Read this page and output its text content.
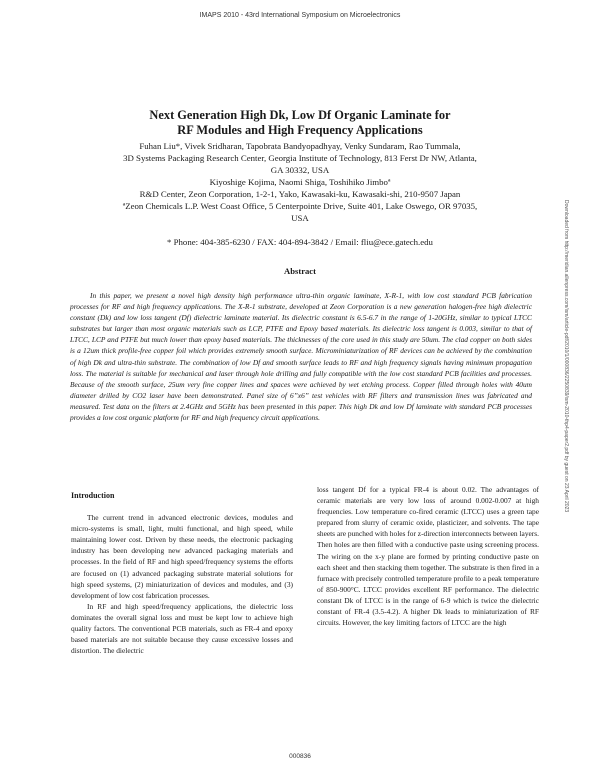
IMAPS 2010 - 43rd International Symposium on Microelectronics
Next Generation High Dk, Low Df Organic Laminate for
RF Modules and High Frequency Applications
Fuhan Liu*, Vivek Sridharan, Tapobrata Bandyopadhyay, Venky Sundaram, Rao Tummala,
3D Systems Packaging Research Center, Georgia Institute of Technology, 813 Ferst Dr NW, Atlanta,
GA 30332, USA
Kiyoshige Kojima, Naomi Shiga, Toshihiko Jimboª
R&D Center, Zeon Corporation, 1-2-1, Yako, Kawasaki-ku, Kawasaki-shi, 210-9507 Japan
ªZeon Chemicals L.P. West Coast Office, 5 Centerpointe Drive, Suite 401, Lake Oswego, OR 97035,
USA
* Phone: 404-385-6230 / FAX: 404-894-3842 / Email: fliu@ece.gatech.edu
Abstract

In this paper, we present a novel high density high performance ultra-thin organic laminate, X-R-1, with low cost standard PCB fabrication processes for RF and high frequency applications. The X-R-1 substrate, developed at Zeon Corporation is a new generation halogen-free high dielectric constant (Dk) and low loss tangent (Df) dielectric laminate material. Its dielectric constant is 6.5-6.7 in the range of 1-20GHz, similar to typical LTCC substrates but larger than most organic materials such as LCP, PTFE and Epoxy based materials. Its dielectric loss tangent is 0.003, similar to that of LTCC, LCP and PTFE but much lower than epoxy based materials. The thicknesses of the core used in this study are 50um. The clad copper on both sides is a 12um thick profile-free copper foil which provides extremely smooth surface. Microminiaturization of RF devices can be achieved by the combination of high Dk and ultra-thin substrate. The combination of low Df and smooth surface leads to RF and high frequency signals having minimum propagation loss. The material is suitable for mechanical and laser through hole drilling and fully compatible with the low cost standard PCB facilities and processes. Because of the smooth surface, 25um very fine copper lines and spaces were achieved by wet etching process. Copper filled through holes with 40um diameter drilled by CO2 laser have been demonstrated. Panel size of 6”x6” test vehicles with RF filters and transmission lines was fabricated and measured. Test data on the filters at 2.4GHz and 5GHz has been presented in this paper. This high Dk and low Df laminate with standard PCB processes provides a low cost organic platform for RF and high frequency circuit applications.

Introduction

The current trend in advanced electronic devices, modules and micro-systems is small, light, multi functional, and high speed, while maintaining lower cost. Driven by these needs, the electronic packaging industry has been developing new advanced packaging materials and processes. In the field of RF and high speed/frequency systems the efforts are focused on (1) advanced packaging substrate material solutions for high speed systems, (2) miniaturization of devices and modules, and (3) development of low cost fabrication processes.

In RF and high speed/frequency applications, the dielectric loss dominates the overall signal loss and must be kept low to achieve high quality factors. The conventional PCB materials, such as FR-4 and epoxy based materials are not suitable because they cause excessive losses and distortion. The dielectric

loss tangent Df for a typical FR-4 is about 0.02. The advantages of ceramic materials are very low loss of around 0.002-0.007 at high frequencies. Low temperature co-fired ceramic (LTCC) uses a green tape prepared from slurry of ceramic oxide, plasticizer, and solvents. The tape sheets are punched with holes for z-direction interconnects between layers. Then holes are then filled with a conductive paste using screening process. The wiring on the x-y plane are formed by printing conductive paste on each sheet and then stacking them together. The substrate is then fired in a furnace with precisely controlled temperature profile to a peak temperature of 850-900°C. LTCC provides excellent RF performance. The dielectric constant Dk of LTCC is in the range of 6-9 which is twice the dielectric constant of FR-4 (3.5-4.2). A higher Dk leads to miniaturization of RF circuits. However, the key limiting factors of LTCC are the high

000836
Downloaded from http://meridian.allenpress.com/ism/article-pdf/2010/1/000836/2250839/ism-2010-thp4-paper2.pdf by guest on 23 April 2023
